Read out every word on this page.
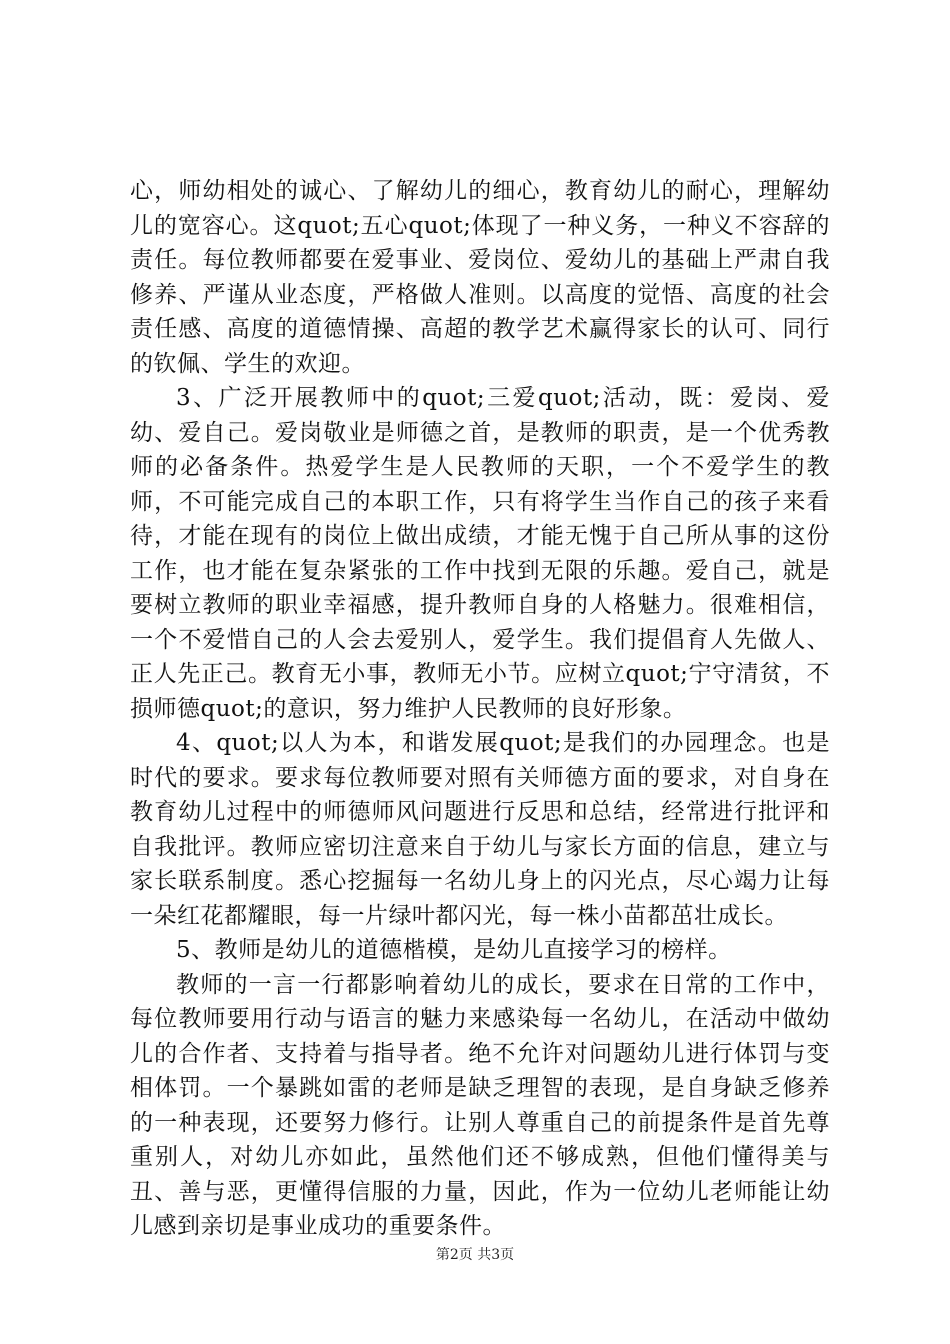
心，师幼相处的诚心、了解幼儿的细心，教育幼儿的耐心，理解幼儿的宽容心。这quot;五心quot;体现了一种义务，一种义不容辞的责任。每位教师都要在爱事业、爱岗位、爱幼儿的基础上严肃自我修养、严谨从业态度，严格做人准则。以高度的觉悟、高度的社会责任感、高度的道德情操、高超的教学艺术赢得家长的认可、同行的钦佩、学生的欢迎。

3、广泛开展教师中的quot;三爱quot;活动，既：爱岗、爱幼、爱自己。爱岗敬业是师德之首，是教师的职责，是一个优秀教师的必备条件。热爱学生是人民教师的天职，一个不爱学生的教师，不可能完成自己的本职工作，只有将学生当作自己的孩子来看待，才能在现有的岗位上做出成绩，才能无愧于自己所从事的这份工作，也才能在复杂紧张的工作中找到无限的乐趣。爱自己，就是要树立教师的职业幸福感，提升教师自身的人格魅力。很难相信，一个不爱惜自己的人会去爱别人，爱学生。我们提倡育人先做人、正人先正己。教育无小事，教师无小节。应树立quot;宁守清贫，不损师德quot;的意识，努力维护人民教师的良好形象。

4、quot;以人为本，和谐发展quot;是我们的办园理念。也是时代的要求。要求每位教师要对照有关师德方面的要求，对自身在教育幼儿过程中的师德师风问题进行反思和总结，经常进行批评和自我批评。教师应密切注意来自于幼儿与家长方面的信息，建立与家长联系制度。悉心挖掘每一名幼儿身上的闪光点，尽心竭力让每一朵红花都耀眼，每一片绿叶都闪光，每一株小苗都茁壮成长。

5、教师是幼儿的道德楷模，是幼儿直接学习的榜样。

教师的一言一行都影响着幼儿的成长，要求在日常的工作中，每位教师要用行动与语言的魅力来感染每一名幼儿，在活动中做幼儿的合作者、支持着与指导者。绝不允许对问题幼儿进行体罚与变相体罚。一个暴跳如雷的老师是缺乏理智的表现，是自身缺乏修养的一种表现，还要努力修行。让别人尊重自己的前提条件是首先尊重别人，对幼儿亦如此，虽然他们还不够成熟，但他们懂得美与丑、善与恶，更懂得信服的力量，因此，作为一位幼儿老师能让幼儿感到亲切是事业成功的重要条件。

第2页 共3页
